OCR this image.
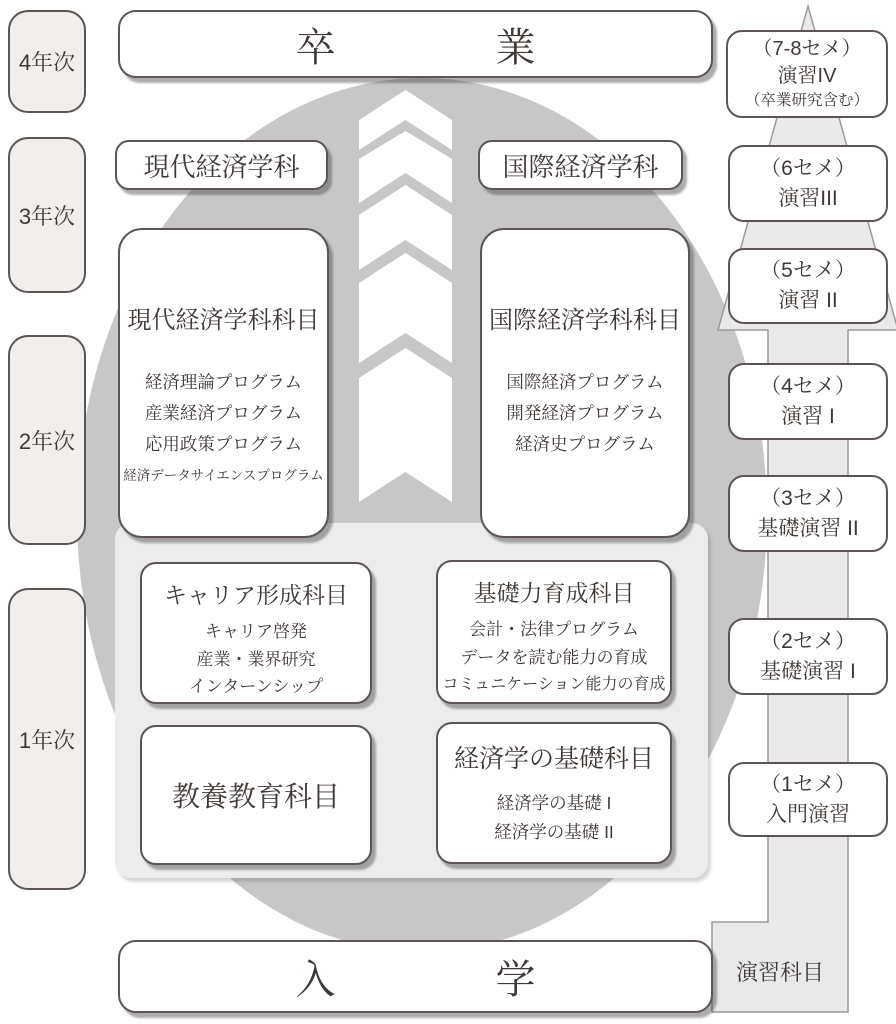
卒	業
4年次
3年次
2年次
1年次
現代経済学科	国際経済学科
現代経済学科科目
経済理論プログラム
産業経済プログラム
応用政策プログラム
経済データサイエンスプログラム
国際経済学科科目
国際経済プログラム
開発経済プログラム
経済史プログラム
キャリア形成科目
キャリア啓発
産業・業界研究
インターンシップ
基礎力育成科目
会計・法律プログラム
データを読む能力の育成
コミュニケーション能力の育成
教養教育科目
経済学の基礎科目
経済学の基礎 I
経済学の基礎 II
（7-8セメ）
演習IV
（卒業研究含む）
（6セメ）
演習III
（5セメ）
演習 II
（4セメ）
演習 I
（3セメ）
基礎演習 II
（2セメ）
基礎演習 I
（1セメ）
入門演習
演習科目
入	学
